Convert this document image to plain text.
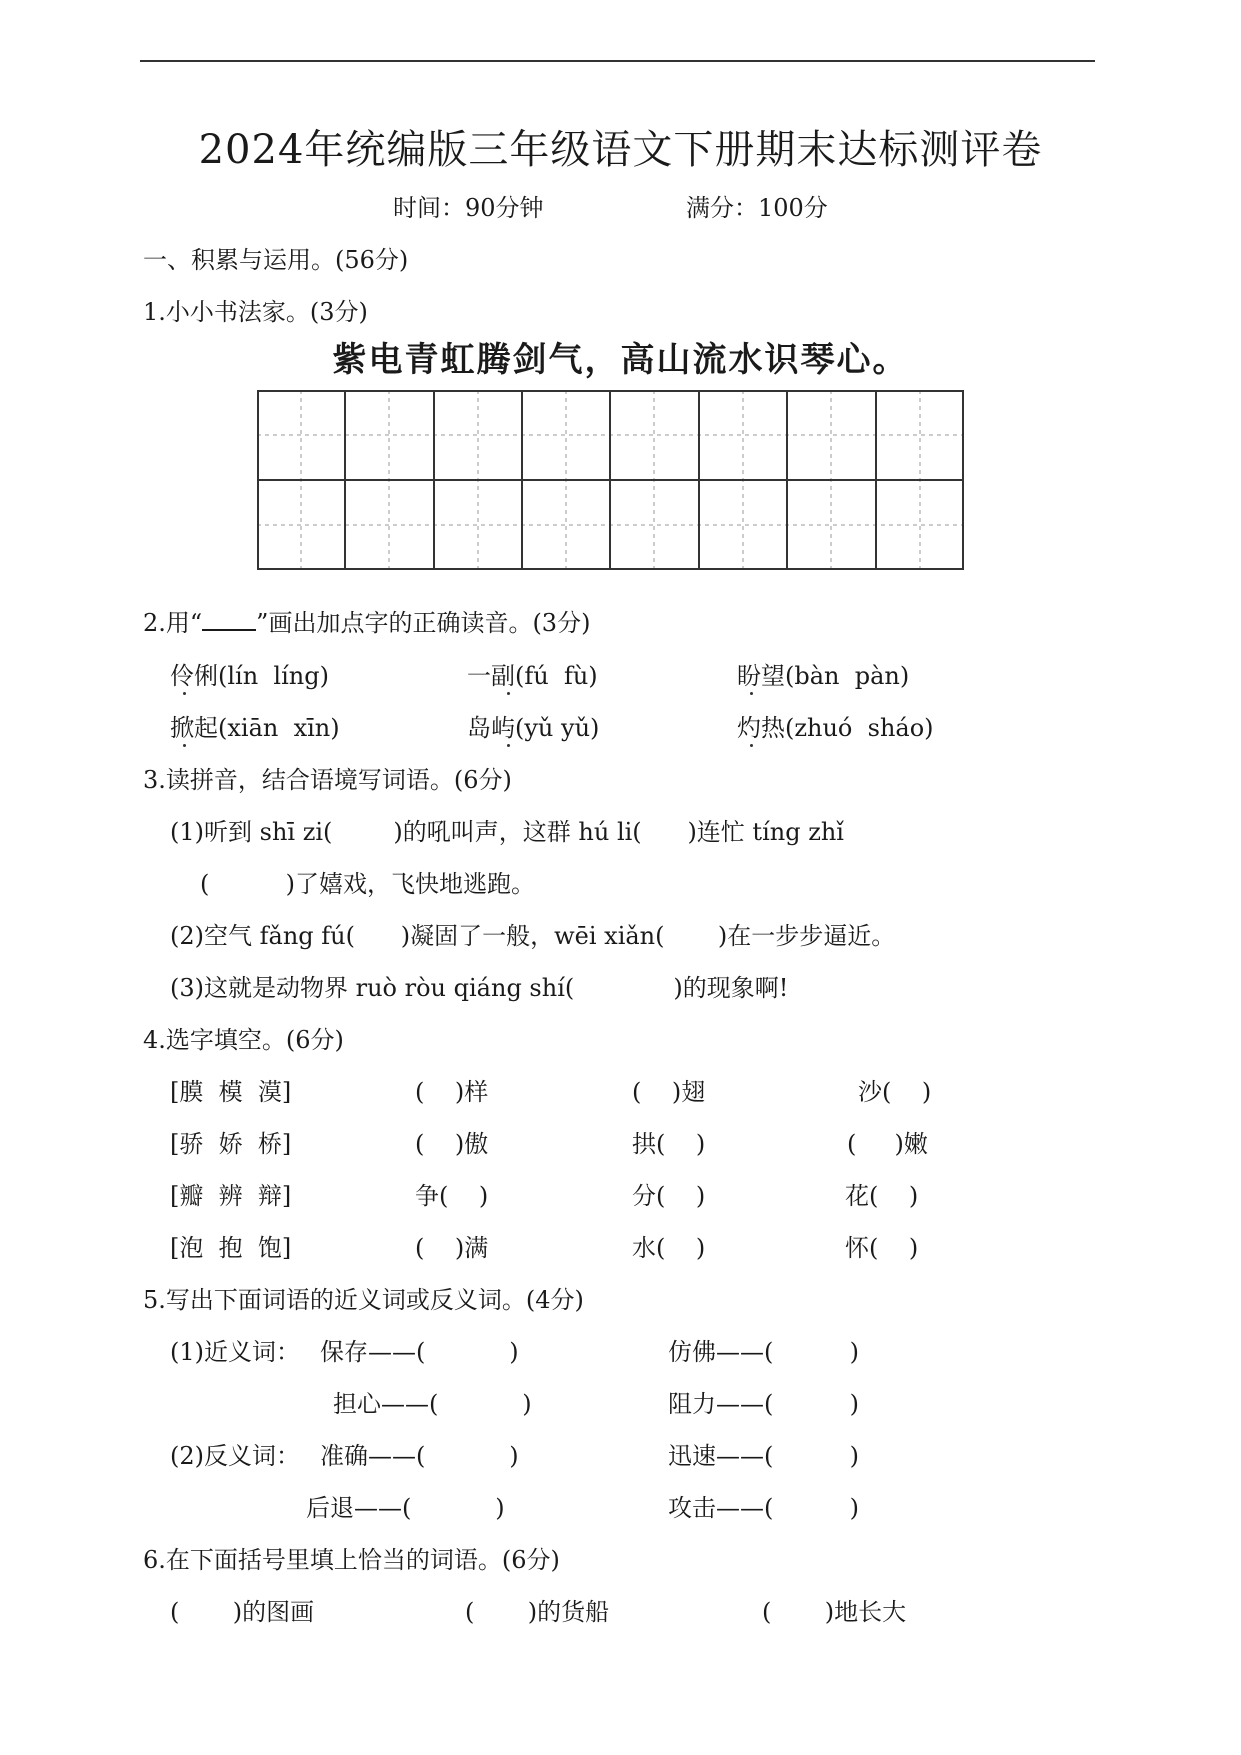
2024年统编版三年级语文下册期末达标测评卷
时间：90分钟	满分：100分
一、积累与运用。(56分)
1.小小书法家。(3分)
紫电青虹腾剑气，高山流水识琴心。
2.用“ ”画出加点字的正确读音。(3分)
伶俐(lín  líng)	一副(fú  fù)	盼望(bàn  pàn)
掀起(xiān  xīn)	岛屿(yǔ yǔ)	灼热(zhuó  sháo)
3.读拼音，结合语境写词语。(6分)
(1)听到 shī zi(        )的吼叫声，这群 hú li(      )连忙 tíng zhǐ
(          )了嬉戏，飞快地逃跑。
(2)空气 fǎng fú(      )凝固了一般，wēi xiǎn(       )在一步步逼近。
(3)这就是动物界 ruò ròu qiáng shí(             )的现象啊!
4.选字填空。(6分)
[膜  模  漠]	(    )样	(    )翅	沙(    )
[骄  娇  桥]	(    )傲	拱(    )	(     )嫩
[瓣  辨  辩]	争(    )	分(    )	花(    )
[泡  抱  饱]	(    )满	水(    )	怀(    )
5.写出下面词语的近义词或反义词。(4分)
(1)近义词： 保存——(           )	仿佛——(          )
担心——(           )	阻力——(          )
(2)反义词： 准确——(           )	迅速——(          )
后退——(           )	攻击——(          )
6.在下面括号里填上恰当的词语。(6分)
(       )的图画	(       )的货船	(       )地长大
